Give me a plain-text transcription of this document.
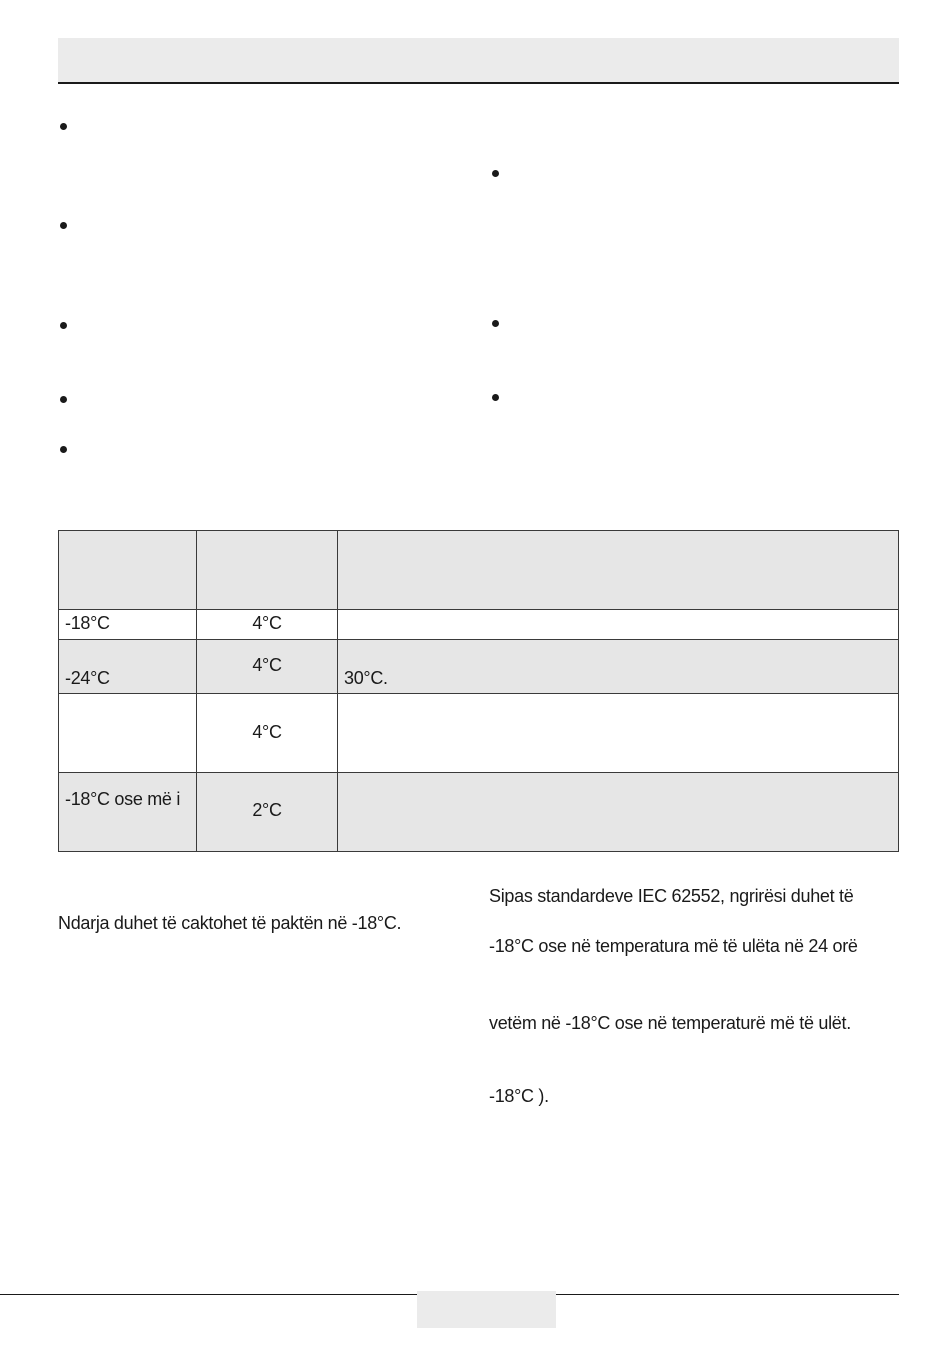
-18°C	4°C	

-24°C	4°C	30°C.

	4°C	

-18°C ose më i	2°C	

Ndarja duhet të caktohet të paktën në -18°C.
Sipas standardeve IEC 62552, ngrirësi duhet të
-18°C ose në temperatura më të ulëta në 24 orë
vetëm në -18°C ose në temperaturë më të ulët.
-18°C ).
